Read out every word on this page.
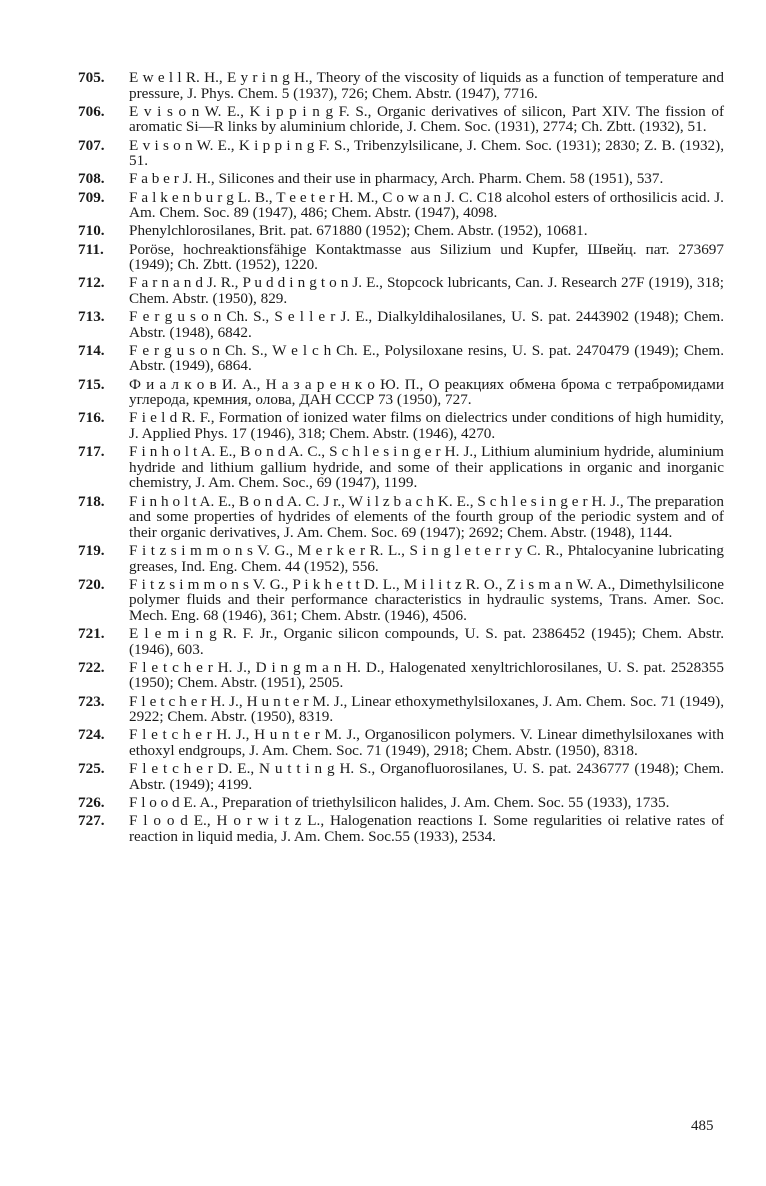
705.	E w e l l R. H., E y r i n g H., Theory of the viscosity of liquids as a function of temperature and pressure, J. Phys. Chem. 5 (1937), 726; Chem. Abstr. (1947), 7716.
706.	E v i s o n W. E., K i p p i n g F. S., Organic derivatives of silicon, Part XIV. The fission of aromatic Si—R links by aluminium chloride, J. Chem. Soc. (1931), 2774; Ch. Zbtt. (1932), 51.
707.	E v i s o n W. E., K i p p i n g F. S., Tribenzylsilicane, J. Chem. Soc. (1931); 2830; Z. B. (1932), 51.
708.	F a b e r J. H., Silicones and their use in pharmacy, Arch. Pharm. Chem. 58 (1951), 537.
709.	F a l k e n b u r g L. B., T e e t e r H. M., C o w a n J. C. C18 alcohol esters of orthosilicis acid. J. Am. Chem. Soc. 89 (1947), 486; Chem. Abstr. (1947), 4098.
710.	Phenylchlorosilanes, Brit. pat. 671880 (1952); Chem. Abstr. (1952), 10681.
711.	Poröse, hochreaktionsfähige Kontaktmasse aus Silizium und Kupfer, Швейц. пат. 273697 (1949); Ch. Zbtt. (1952), 1220.
712.	F a r n a n d J. R., P u d d i n g t o n J. E., Stopcock lubricants, Can. J. Research 27F (1919), 318; Chem. Abstr. (1950), 829.
713.	F e r g u s o n Ch. S., S e l l e r J. E., Dialkyldihalosilanes, U. S. pat. 2443902 (1948); Chem. Abstr. (1948), 6842.
714.	F e r g u s o n Ch. S., W e l c h Ch. E., Polysiloxane resins, U. S. pat. 2470479 (1949); Chem. Abstr. (1949), 6864.
715.	Ф и а л к о в И. А., Н а з а р е н к о Ю. П., О реакциях обмена брома с тетрабромидами углерода, кремния, олова, ДАН СССР 73 (1950), 727.
716.	F i e l d R. F., Formation of ionized water films on dielectrics under conditions of high humidity, J. Applied Phys. 17 (1946), 318; Chem. Abstr. (1946), 4270.
717.	F i n h o l t A. E., B o n d A. C., S c h l e s i n g e r H. J., Lithium aluminium hydride, aluminium hydride and lithium gallium hydride, and some of their applications in organic and inorganic chemistry, J. Am. Chem. Soc., 69 (1947), 1199.
718.	F i n h o l t A. E., B o n d A. C. J r., W i l z b a c h K. E., S c h l e s i n g e r H. J., The preparation and some properties of hydrides of elements of the fourth group of the periodic system and of their organic derivatives, J. Am. Chem. Soc. 69 (1947); 2692; Chem. Abstr. (1948), 1144.
719.	F i t z s i m m o n s V. G., M e r k e r R. L., S i n g l e t e r r y C. R., Phtalocyanine lubricating greases, Ind. Eng. Chem. 44 (1952), 556.
720.	F i t z s i m m o n s V. G., P i k h e t t D. L., M i l i t z R. O., Z i s m a n W. A., Dimethylsilicone polymer fluids and their performance characteristics in hydraulic systems, Trans. Amer. Soc. Mech. Eng. 68 (1946), 361; Chem. Abstr. (1946), 4506.
721.	E l e m i n g R. F. Jr., Organic silicon compounds, U. S. pat. 2386452 (1945); Chem. Abstr. (1946), 603.
722.	F l e t c h e r H. J., D i n g m a n H. D., Halogenated xenyltrichlorosilanes, U. S. pat. 2528355 (1950); Chem. Abstr. (1951), 2505.
723.	F l e t c h e r H. J., H u n t e r M. J., Linear ethoxymethylsiloxanes, J. Am. Chem. Soc. 71 (1949), 2922; Chem. Abstr. (1950), 8319.
724.	F l e t c h e r H. J., H u n t e r M. J., Organosilicon polymers. V. Linear dimethylsiloxanes with ethoxyl endgroups, J. Am. Chem. Soc. 71 (1949), 2918; Chem. Abstr. (1950), 8318.
725.	F l e t c h e r D. E., N u t t i n g H. S., Organofluorosilanes, U. S. pat. 2436777 (1948); Chem. Abstr. (1949); 4199.
726.	F l o o d E. A., Preparation of triethylsilicon halides, J. Am. Chem. Soc. 55 (1933), 1735.
727.	F l o o d E., H o r w i t z L., Halogenation reactions I. Some regularities oi relative rates of reaction in liquid media, J. Am. Chem. Soc.55 (1933), 2534.
485
